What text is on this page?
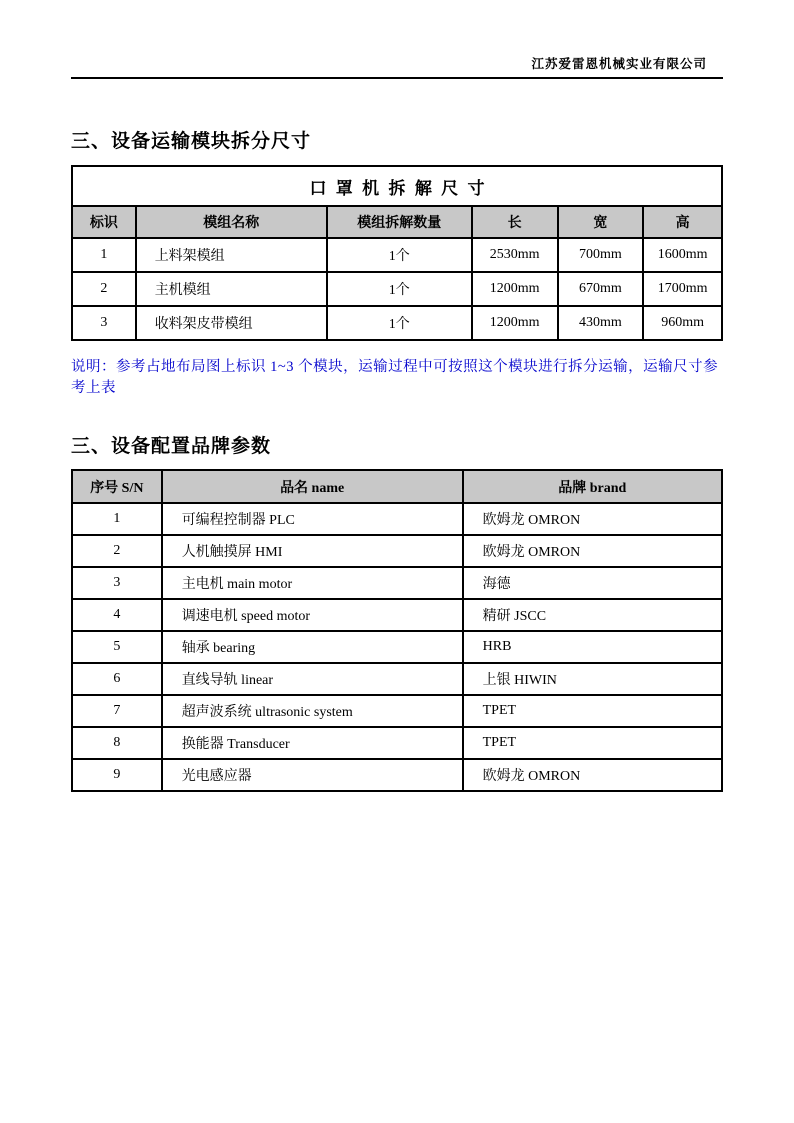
江苏爱雷恩机械实业有限公司
三、设备运输模块拆分尺寸
口罩机拆解尺寸					
标识	模组名称	模组拆解数量	长	宽	高
1	上料架模组	1个	2530mm	700mm	1600mm
2	主机模组	1个	1200mm	670mm	1700mm
3	收料架皮带模组	1个	1200mm	430mm	960mm
说明：参考占地布局图上标识 1~3 个模块，运输过程中可按照这个模块进行拆分运输，运输尺寸参考上表
三、设备配置品牌参数
序号 S/N	品名 name	品牌 brand
1	可编程控制器 PLC	欧姆龙 OMRON
2	人机触摸屏 HMI	欧姆龙 OMRON
3	主电机 main motor	海德
4	调速电机 speed motor	精研 JSCC
5	轴承 bearing	HRB
6	直线导轨 linear	上银 HIWIN
7	超声波系统 ultrasonic system	TPET
8	换能器 Transducer	TPET
9	光电感应器	欧姆龙 OMRON
